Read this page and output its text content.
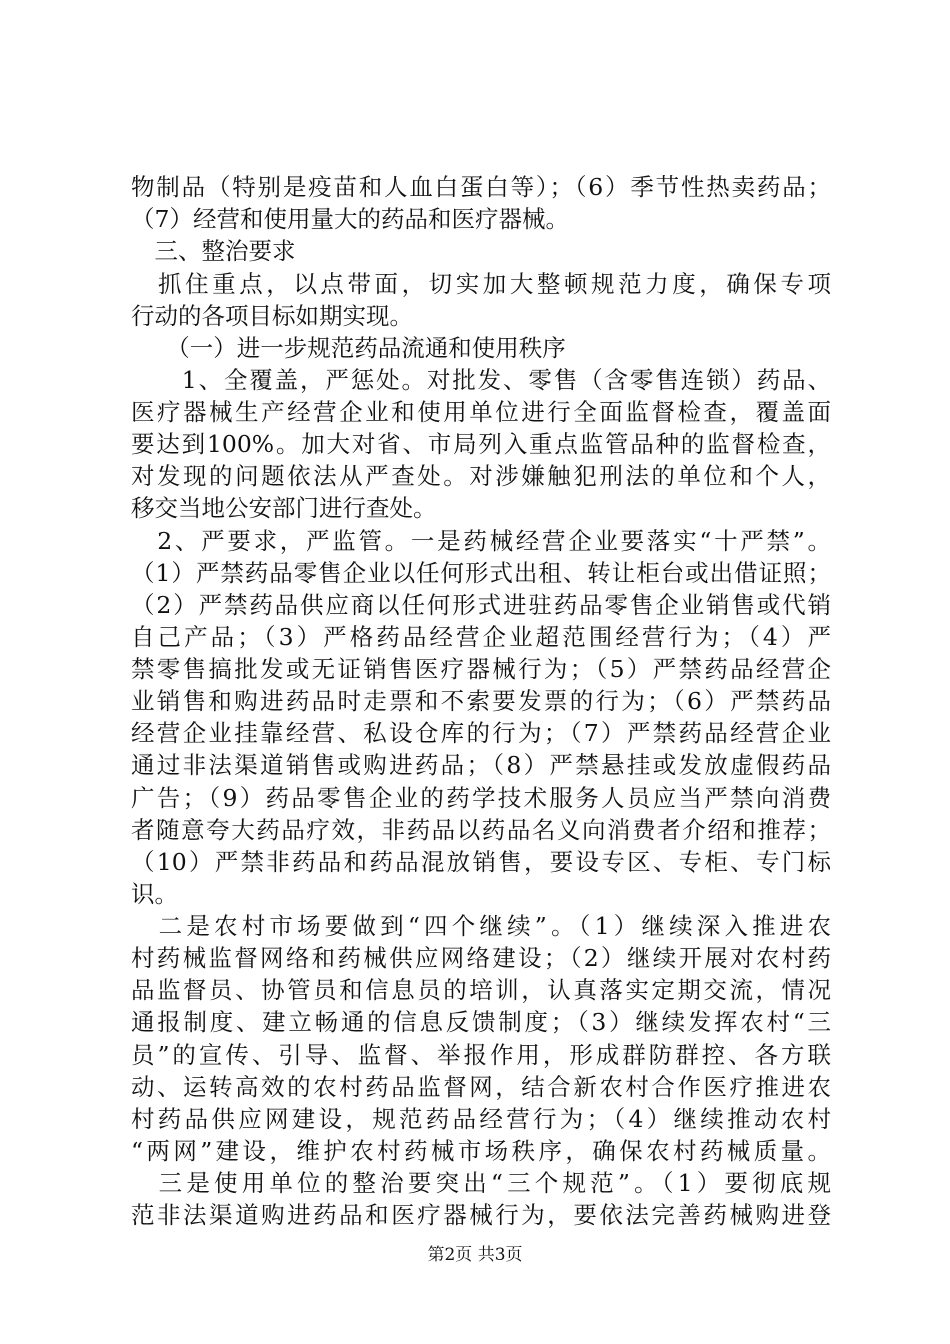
物制品（特别是疫苗和人血白蛋白等）；（6）季节性热卖药品；
（7）经营和使用量大的药品和医疗器械。
　三、整治要求
　抓住重点，以点带面，切实加大整顿规范力度，确保专项
行动的各项目标如期实现。
　　（一）进一步规范药品流通和使用秩序
　　1、全覆盖，严惩处。对批发、零售（含零售连锁）药品、
医疗器械生产经营企业和使用单位进行全面监督检查，覆盖面
要达到100%。加大对省、市局列入重点监管品种的监督检查，
对发现的问题依法从严查处。对涉嫌触犯刑法的单位和个人，
移交当地公安部门进行查处。
　2、严要求，严监管。一是药械经营企业要落实“十严禁”。
（1）严禁药品零售企业以任何形式出租、转让柜台或出借证照；
（2）严禁药品供应商以任何形式进驻药品零售企业销售或代销
自己产品；（3）严格药品经营企业超范围经营行为；（4）严
禁零售搞批发或无证销售医疗器械行为；（5）严禁药品经营企
业销售和购进药品时走票和不索要发票的行为；（6）严禁药品
经营企业挂靠经营、私设仓库的行为；（7）严禁药品经营企业
通过非法渠道销售或购进药品；（8）严禁悬挂或发放虚假药品
广告；（9）药品零售企业的药学技术服务人员应当严禁向消费
者随意夸大药品疗效，非药品以药品名义向消费者介绍和推荐；
（10）严禁非药品和药品混放销售，要设专区、专柜、专门标
识。
　二是农村市场要做到“四个继续”。（1）继续深入推进农
村药械监督网络和药械供应网络建设；（2）继续开展对农村药
品监督员、协管员和信息员的培训，认真落实定期交流，情况
通报制度、建立畅通的信息反馈制度；（3）继续发挥农村“三
员”的宣传、引导、监督、举报作用，形成群防群控、各方联
动、运转高效的农村药品监督网，结合新农村合作医疗推进农
村药品供应网建设，规范药品经营行为；（4）继续推动农村
“两网”建设，维护农村药械市场秩序，确保农村药械质量。
　三是使用单位的整治要突出“三个规范”。（1）要彻底规
范非法渠道购进药品和医疗器械行为，要依法完善药械购进登
第2页 共3页
